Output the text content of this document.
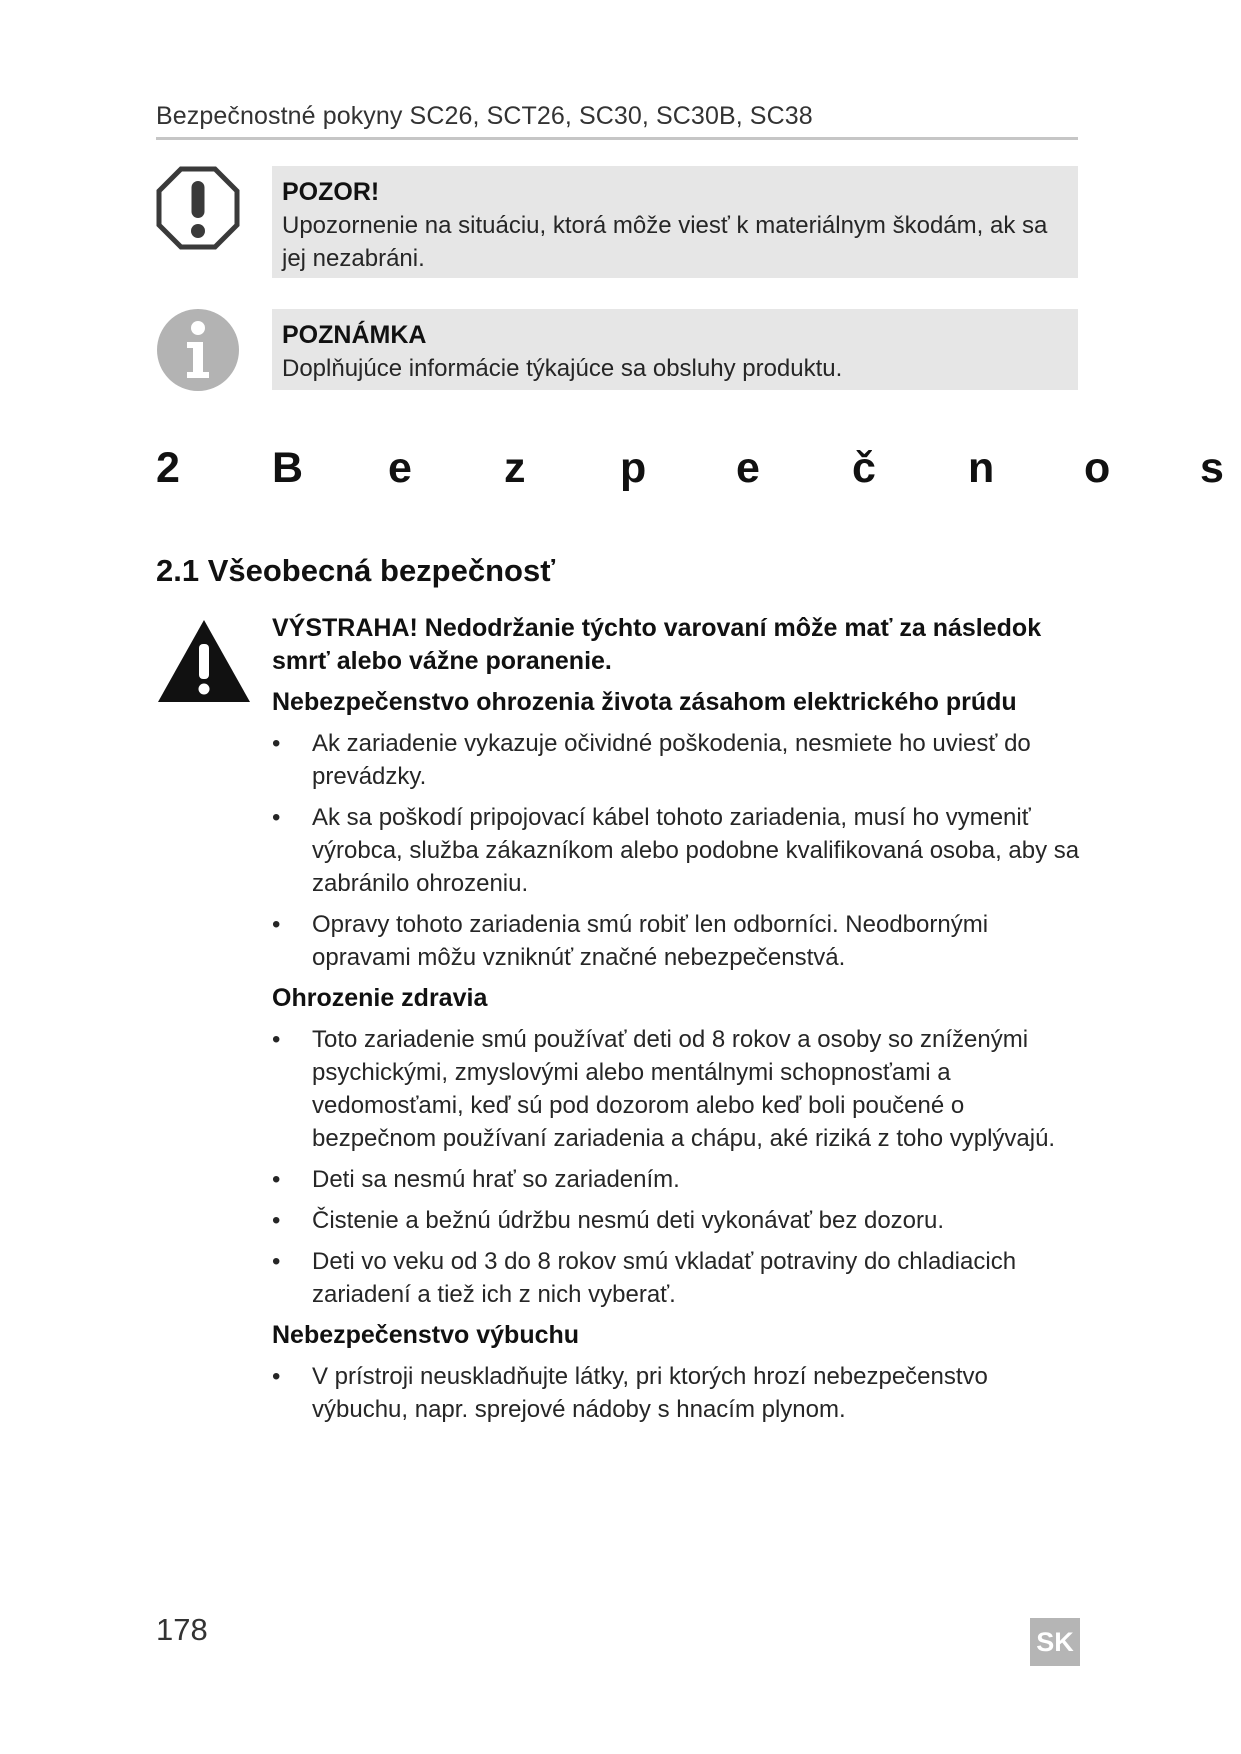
Bezpečnostné pokyny SC26, SCT26, SC30, SC30B, SC38
POZOR!
Upozornenie na situáciu, ktorá môže viesť k materiálnym škodám, ak sa jej nezabráni.
POZNÁMKA
Doplňujúce informácie týkajúce sa obsluhy produktu.
2 B e z p e č n o s
2.1 Všeobecná bezpečnosť
VÝSTRAHA! Nedodržanie týchto varovaní môže mať za následok smrť alebo vážne poranenie.
Nebezpečenstvo ohrozenia života zásahom elektrického prúdu
• Ak zariadenie vykazuje očividné poškodenia, nesmiete ho uviesť do prevádzky.
• Ak sa poškodí pripojovací kábel tohoto zariadenia, musí ho vymeniť výrobca, služba zákazníkom alebo podobne kvalifikovaná osoba, aby sa zabránilo ohrozeniu.
• Opravy tohoto zariadenia smú robiť len odborníci. Neodbornými opravami môžu vzniknúť značné nebezpečenstvá.
Ohrozenie zdravia
• Toto zariadenie smú používať deti od 8 rokov a osoby so zníženými psychickými, zmyslovými alebo mentálnymi schopnosťami a vedomosťami, keď sú pod dozorom alebo keď boli poučené o bezpečnom používaní zariadenia a chápu, aké riziká z toho vyplývajú.
• Deti sa nesmú hrať so zariadením.
• Čistenie a bežnú údržbu nesmú deti vykonávať bez dozoru.
• Deti vo veku od 3 do 8 rokov smú vkladať potraviny do chladiacich zariadení a tiež ich z nich vyberať.
Nebezpečenstvo výbuchu
• V prístroji neuskladňujte látky, pri ktorých hrozí nebezpečenstvo výbuchu, napr. sprejové nádoby s hnacím plynom.
178	SK
